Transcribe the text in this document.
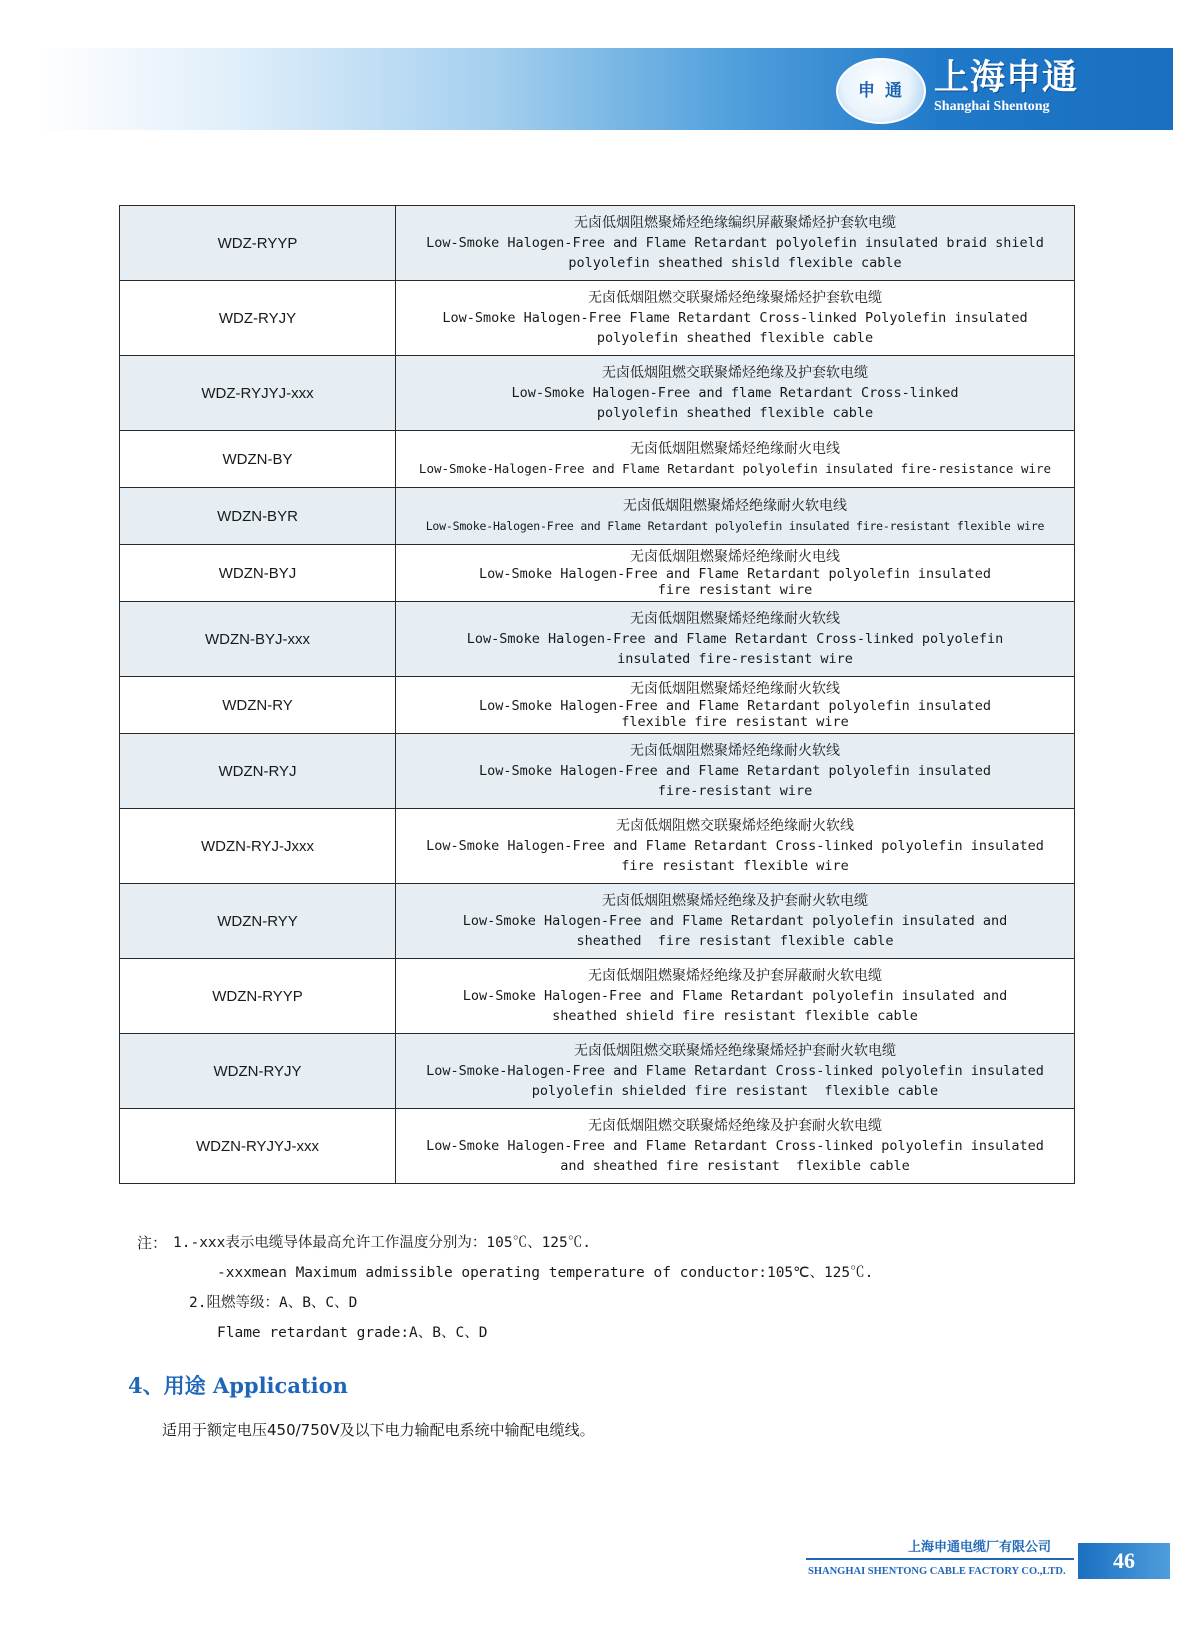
申 通 上海申通
Shanghai Shentong
WDZ-RYYP	无卤低烟阻燃聚烯烃绝缘编织屏蔽聚烯烃护套软电缆
Low-Smoke Halogen-Free and Flame Retardant polyolefin insulated braid shield
polyolefin sheathed shisld flexible cable

WDZ-RYJY	无卤低烟阻燃交联聚烯烃绝缘聚烯烃护套软电缆
Low-Smoke Halogen-Free Flame Retardant Cross-linked Polyolefin insulated
polyolefin sheathed flexible cable

WDZ-RYJYJ-xxx	无卤低烟阻燃交联聚烯烃绝缘及护套软电缆
Low-Smoke Halogen-Free and flame Retardant Cross-linked
polyolefin sheathed flexible cable

WDZN-BY	无卤低烟阻燃聚烯烃绝缘耐火电线
Low-Smoke-Halogen-Free and Flame Retardant polyolefin insulated fire-resistance wire

WDZN-BYR	无卤低烟阻燃聚烯烃绝缘耐火软电线
Low-Smoke-Halogen-Free and Flame Retardant polyolefin insulated fire-resistant flexible wire

WDZN-BYJ	无卤低烟阻燃聚烯烃绝缘耐火电线
Low-Smoke Halogen-Free and Flame Retardant polyolefin insulated
fire resistant wire

WDZN-BYJ-xxx	无卤低烟阻燃聚烯烃绝缘耐火软线
Low-Smoke Halogen-Free and Flame Retardant Cross-linked polyolefin
insulated fire-resistant wire

WDZN-RY	无卤低烟阻燃聚烯烃绝缘耐火软线
Low-Smoke Halogen-Free and Flame Retardant polyolefin insulated
flexible fire resistant wire

WDZN-RYJ	无卤低烟阻燃聚烯烃绝缘耐火软线
Low-Smoke Halogen-Free and Flame Retardant polyolefin insulated
fire-resistant wire

WDZN-RYJ-Jxxx	无卤低烟阻燃交联聚烯烃绝缘耐火软线
Low-Smoke Halogen-Free and Flame Retardant Cross-linked polyolefin insulated
fire resistant flexible wire

WDZN-RYY	无卤低烟阻燃聚烯烃绝缘及护套耐火软电缆
Low-Smoke Halogen-Free and Flame Retardant polyolefin insulated and
sheathed  fire resistant flexible cable

WDZN-RYYP	无卤低烟阻燃聚烯烃绝缘及护套屏蔽耐火软电缆
Low-Smoke Halogen-Free and Flame Retardant polyolefin insulated and
sheathed shield fire resistant flexible cable

WDZN-RYJY	无卤低烟阻燃交联聚烯烃绝缘聚烯烃护套耐火软电缆
Low-Smoke-Halogen-Free and Flame Retardant Cross-linked polyolefin insulated
polyolefin shielded fire resistant  flexible cable

WDZN-RYJYJ-xxx	无卤低烟阻燃交联聚烯烃绝缘及护套耐火软电缆
Low-Smoke Halogen-Free and Flame Retardant Cross-linked polyolefin insulated
and sheathed fire resistant  flexible cable
注： 1.-xxx表示电缆导体最高允许工作温度分别为：105℃、125℃.
-xxxmean Maximum admissible operating temperature of conductor:105℃、125℃.
2.阻燃等级：A、B、C、D
Flame retardant grade:A、B、C、D
4、用途 Application
适用于额定电压450/750V及以下电力输配电系统中输配电缆线。
上海申通电缆厂有限公司
SHANGHAI SHENTONG CABLE FACTORY CO.,LTD.	46
